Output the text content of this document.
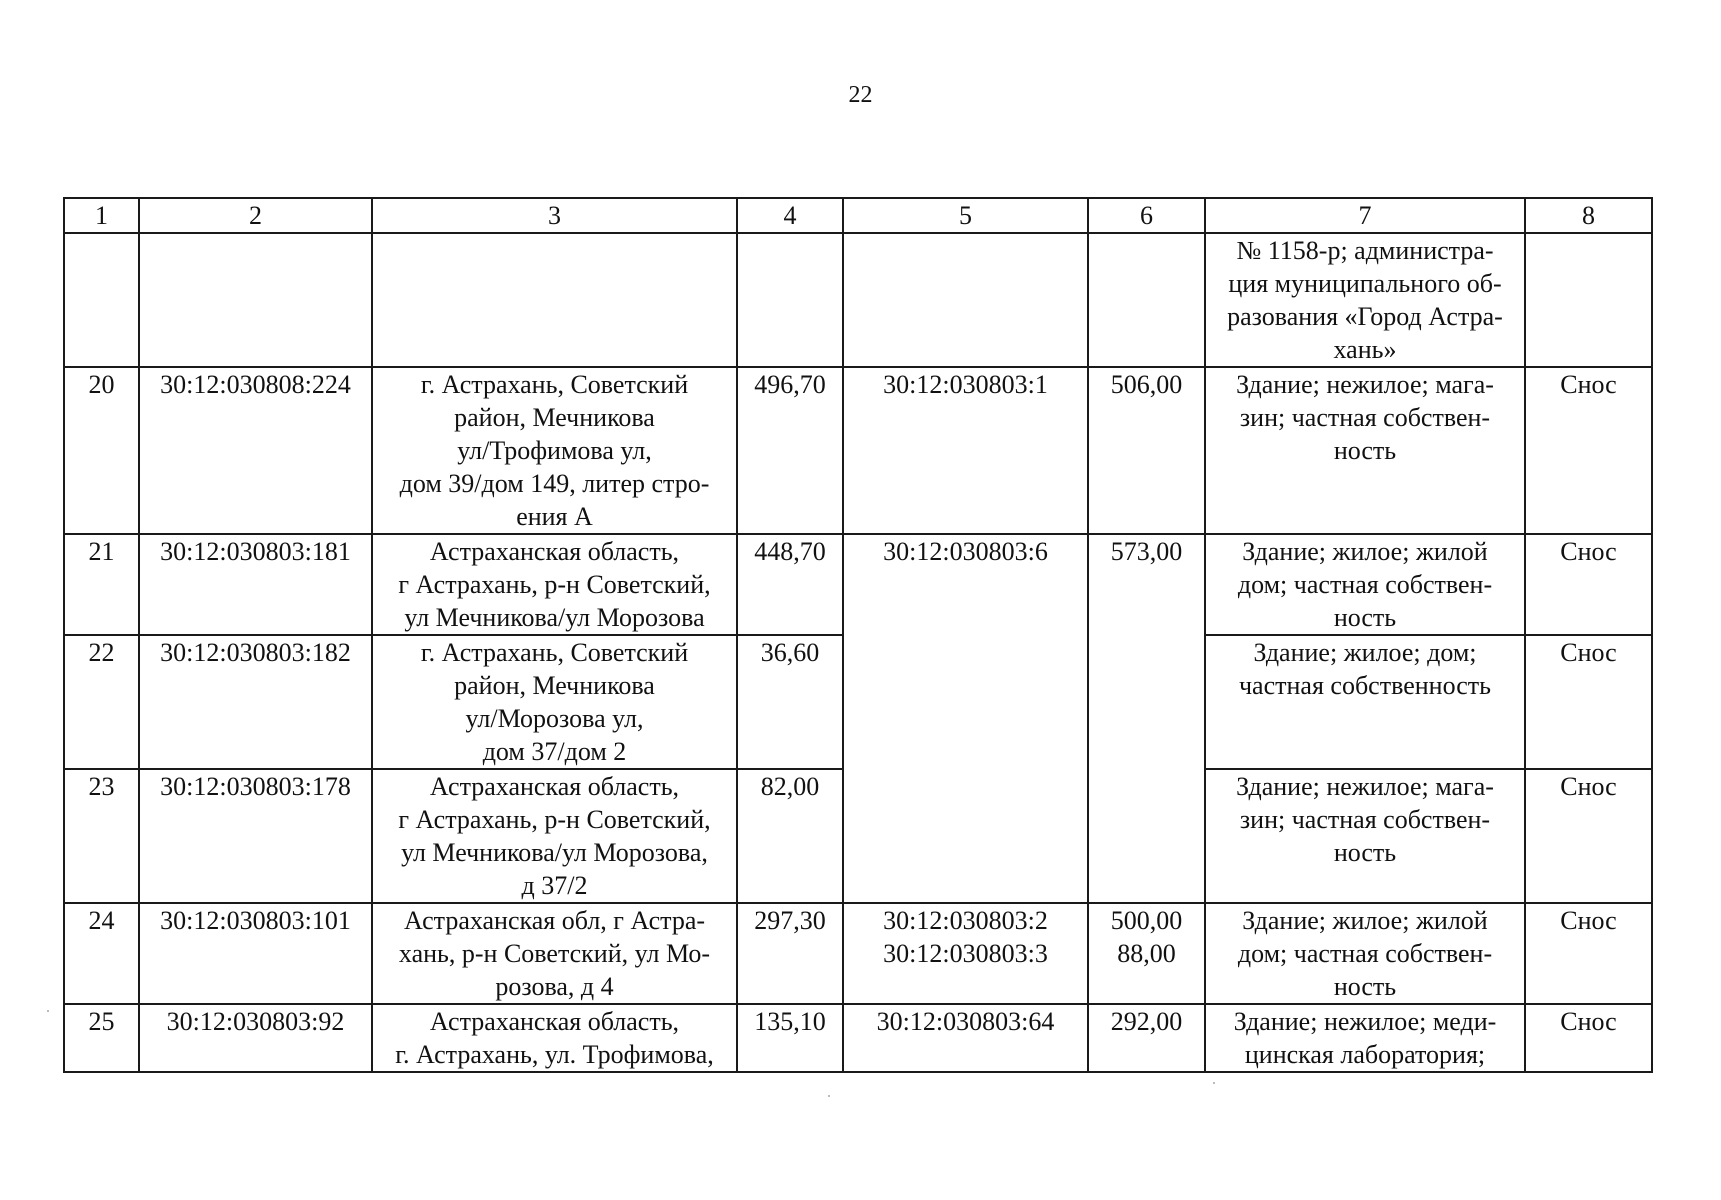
22
1	2	3	4	5	6	7	8
						№ 1158-р; администра-
ция муниципального об-
разования «Город Астра-
хань»	
20	30:12:030808:224	г. Астрахань, Советский
район, Мечникова
ул/Трофимова ул,
дом 39/дом 149, литер стро-
ения А	496,70	30:12:030803:1	506,00	Здание; нежилое; мага-
зин; частная собствен-
ность	Снос
21	30:12:030803:181	Астраханская область,
г Астрахань, р-н Советский,
ул Мечникова/ул Морозова	448,70	30:12:030803:6	573,00	Здание; жилое; жилой
дом; частная собствен-
ность	Снос
22	30:12:030803:182	г. Астрахань, Советский
район, Мечникова
ул/Морозова ул,
дом 37/дом 2	36,60			Здание; жилое; дом;
частная собственность	Снос
23	30:12:030803:178	Астраханская область,
г Астрахань, р-н Советский,
ул Мечникова/ул Морозова,
д 37/2	82,00			Здание; нежилое; мага-
зин; частная собствен-
ность	Снос
24	30:12:030803:101	Астраханская обл, г Астра-
хань, р-н Советский, ул Мо-
розова, д 4	297,30	30:12:030803:2
30:12:030803:3	500,00
88,00	Здание; жилое; жилой
дом; частная собствен-
ность	Снос
25	30:12:030803:92	Астраханская область,
г. Астрахань, ул. Трофимова,	135,10	30:12:030803:64	292,00	Здание; нежилое; меди-
цинская лаборатория;	Снос
